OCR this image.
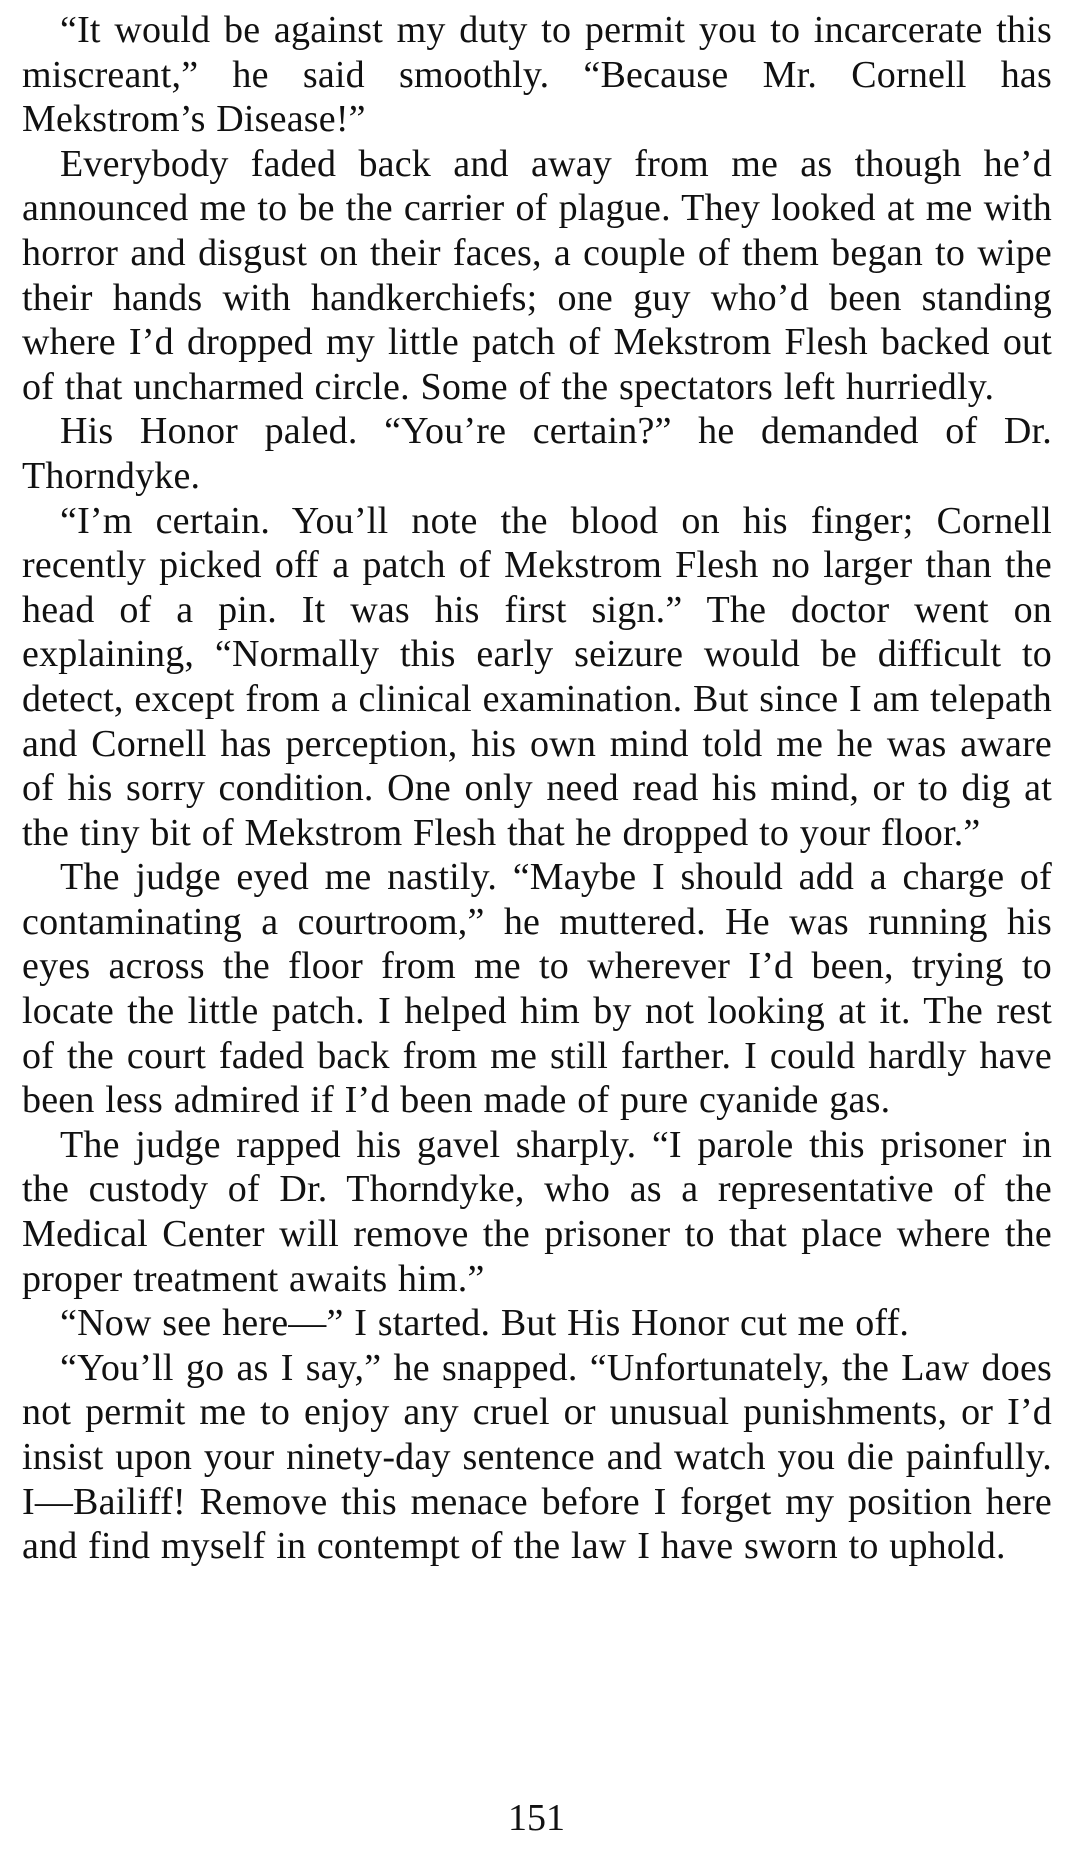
“It would be against my duty to permit you to incarcerate this miscreant,” he said smoothly. “Because Mr. Cornell has Mekstrom’s Disease!”

Everybody faded back and away from me as though he’d announced me to be the carrier of plague. They looked at me with horror and disgust on their faces, a couple of them began to wipe their hands with handkerchiefs; one guy who’d been standing where I’d dropped my little patch of Mekstrom Flesh backed out of that uncharmed circle. Some of the spectators left hurriedly.

His Honor paled. “You’re certain?” he demanded of Dr. Thorndyke.

“I’m certain. You’ll note the blood on his finger; Cornell recently picked off a patch of Mekstrom Flesh no larger than the head of a pin. It was his first sign.” The doctor went on explaining, “Normally this early seizure would be difficult to detect, except from a clinical examination. But since I am telepath and Cornell has perception, his own mind told me he was aware of his sorry condition. One only need read his mind, or to dig at the tiny bit of Mekstrom Flesh that he dropped to your floor.”

The judge eyed me nastily. “Maybe I should add a charge of contaminating a courtroom,” he muttered. He was running his eyes across the floor from me to wherever I’d been, trying to locate the little patch. I helped him by not looking at it. The rest of the court faded back from me still farther. I could hardly have been less admired if I’d been made of pure cyanide gas.

The judge rapped his gavel sharply. “I parole this prisoner in the custody of Dr. Thorndyke, who as a representative of the Medical Center will remove the prisoner to that place where the proper treatment awaits him.”

“Now see here—” I started. But His Honor cut me off.

“You’ll go as I say,” he snapped. “Unfortunately, the Law does not permit me to enjoy any cruel or unusual punishments, or I’d insist upon your ninety-day sentence and watch you die painfully. I—Bailiff! Remove this menace before I forget my position here and find myself in contempt of the law I have sworn to uphold.

151
